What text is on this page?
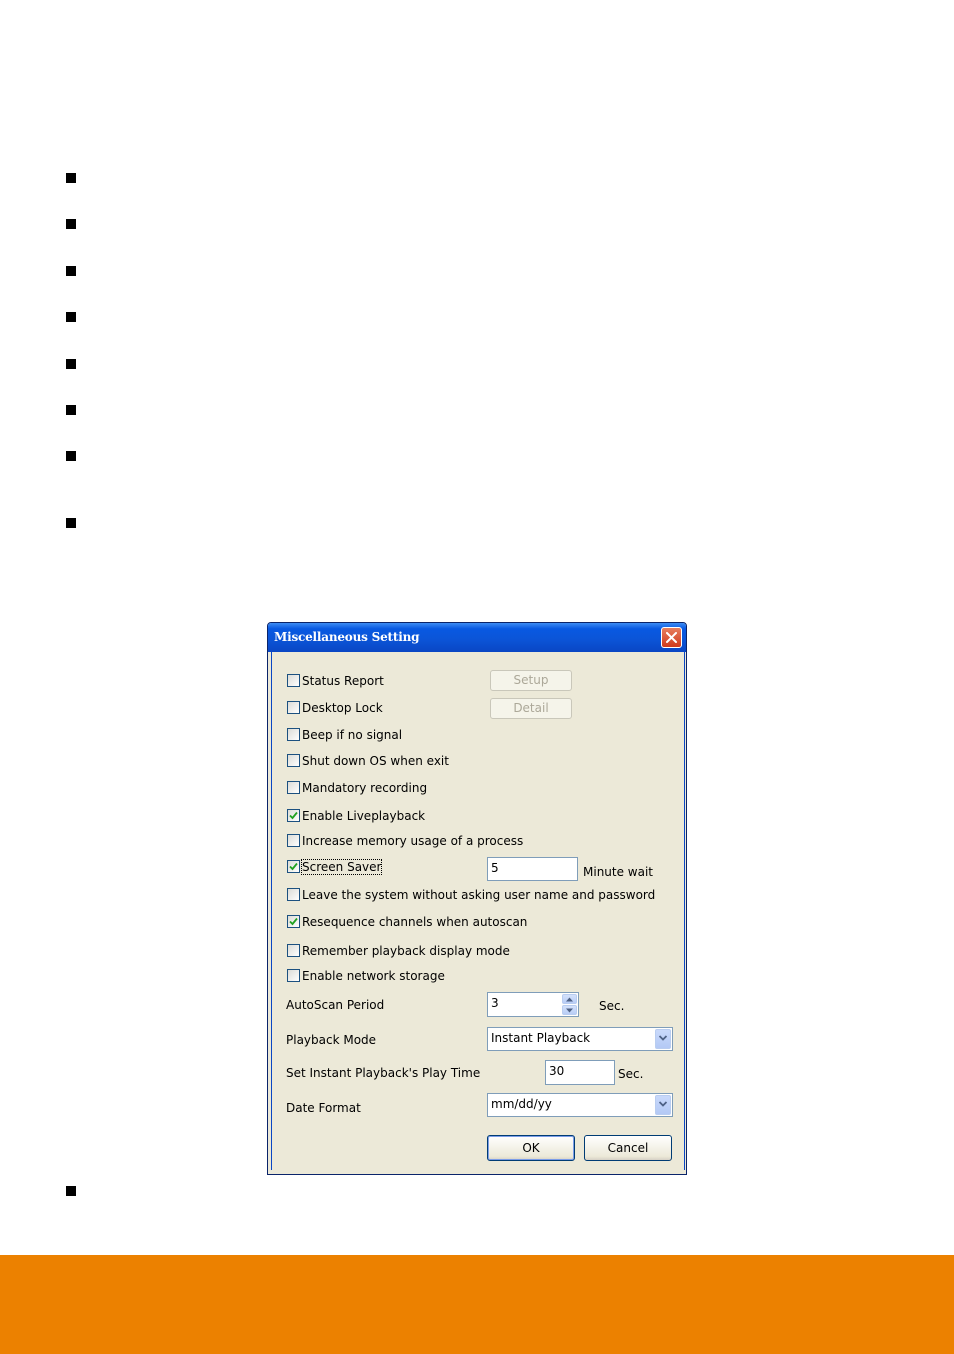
Miscellaneous Setting
Status Report	Setup
Desktop Lock	Detail
Beep if no signal
Shut down OS when exit
Mandatory recording
Enable Liveplayback
Increase memory usage of a process
Screen Saver	5	Minute wait
Leave the system without asking user name and password
Resequence channels when autoscan
Remember playback display mode
Enable network storage
AutoScan Period	3	Sec.
Playback Mode	Instant Playback
Set Instant Playback's Play Time	30	Sec.
Date Format	mm/dd/yy
OK	Cancel
